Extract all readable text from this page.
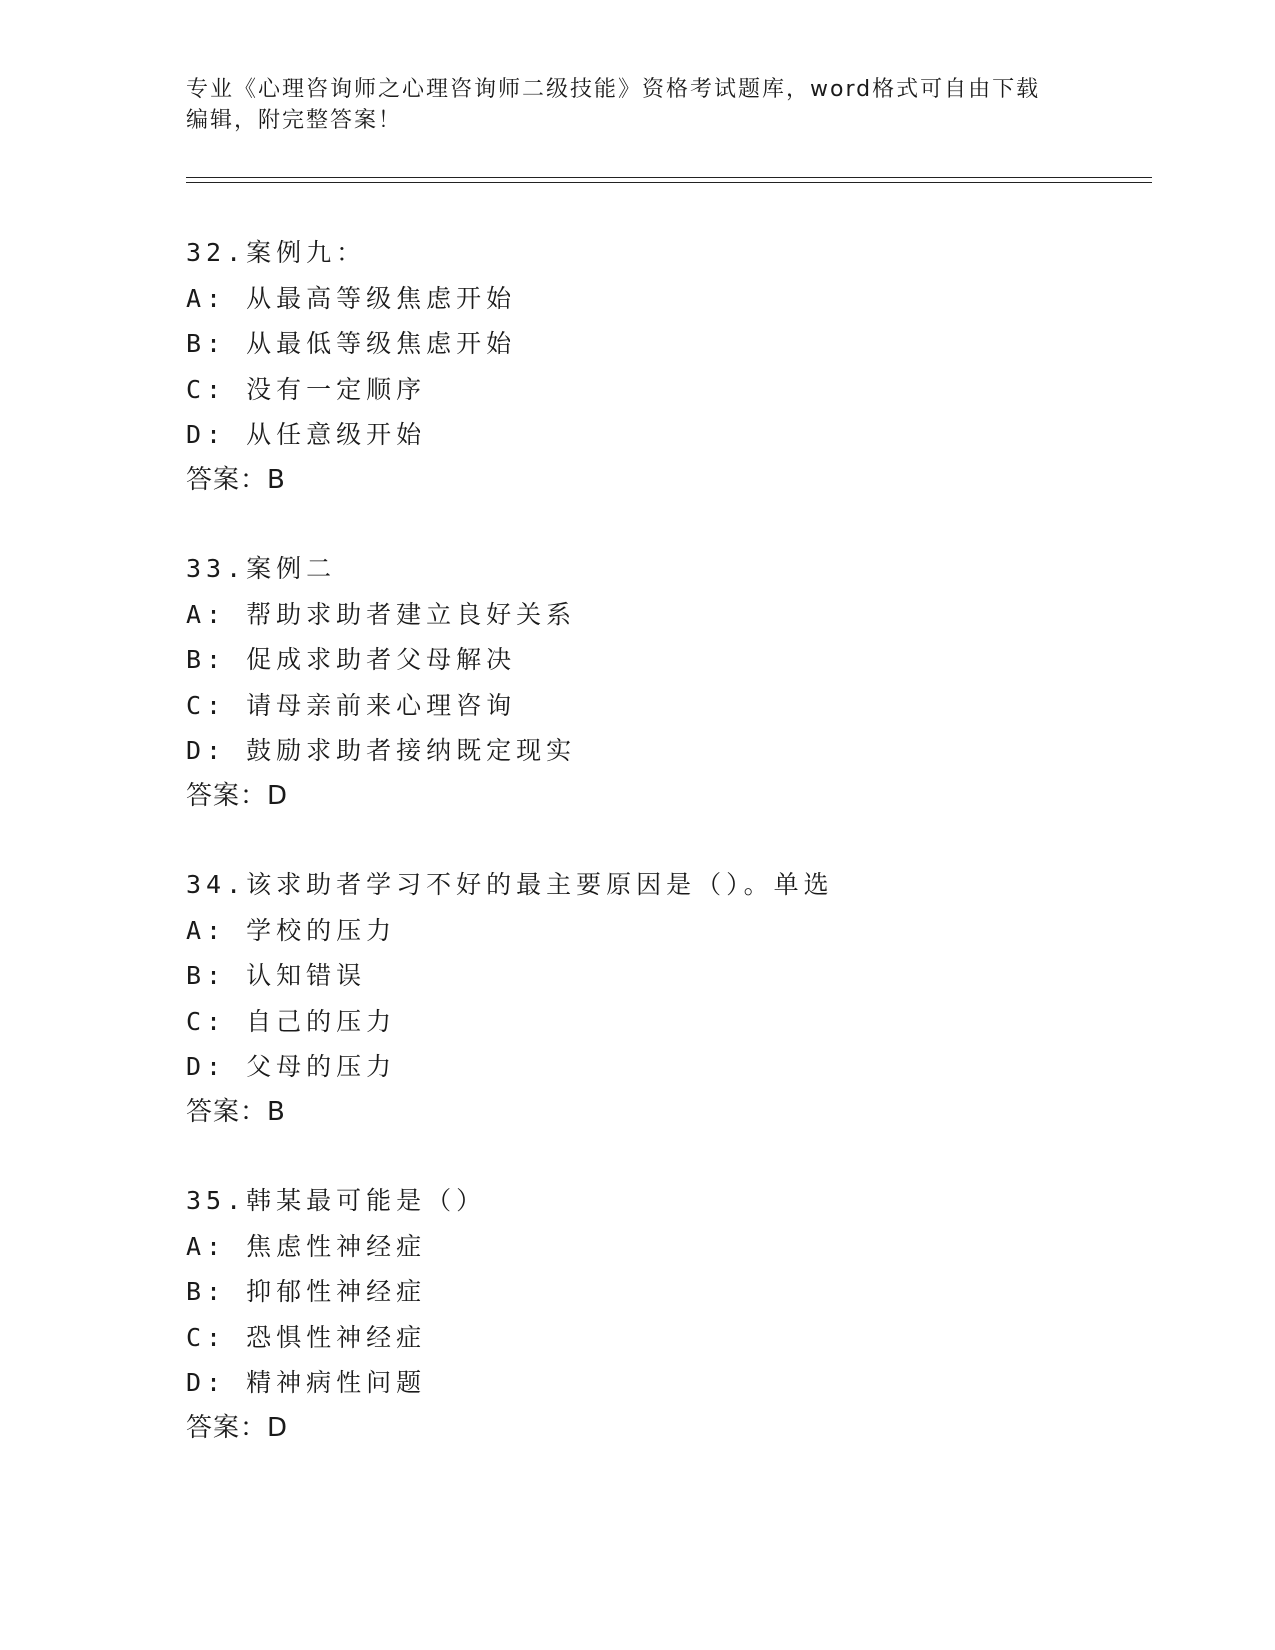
专业《心理咨询师之心理咨询师二级技能》资格考试题库，word格式可自由下载
编辑，附完整答案！
32.案例九：
A: 从最高等级焦虑开始
B: 从最低等级焦虑开始
C: 没有一定顺序
D: 从任意级开始
答案：B
33.案例二
A: 帮助求助者建立良好关系
B: 促成求助者父母解决
C: 请母亲前来心理咨询
D: 鼓励求助者接纳既定现实
答案：D
34.该求助者学习不好的最主要原因是（）。单选
A: 学校的压力
B: 认知错误
C: 自己的压力
D: 父母的压力
答案：B
35.韩某最可能是（）
A: 焦虑性神经症
B: 抑郁性神经症
C: 恐惧性神经症
D: 精神病性问题
答案：D
